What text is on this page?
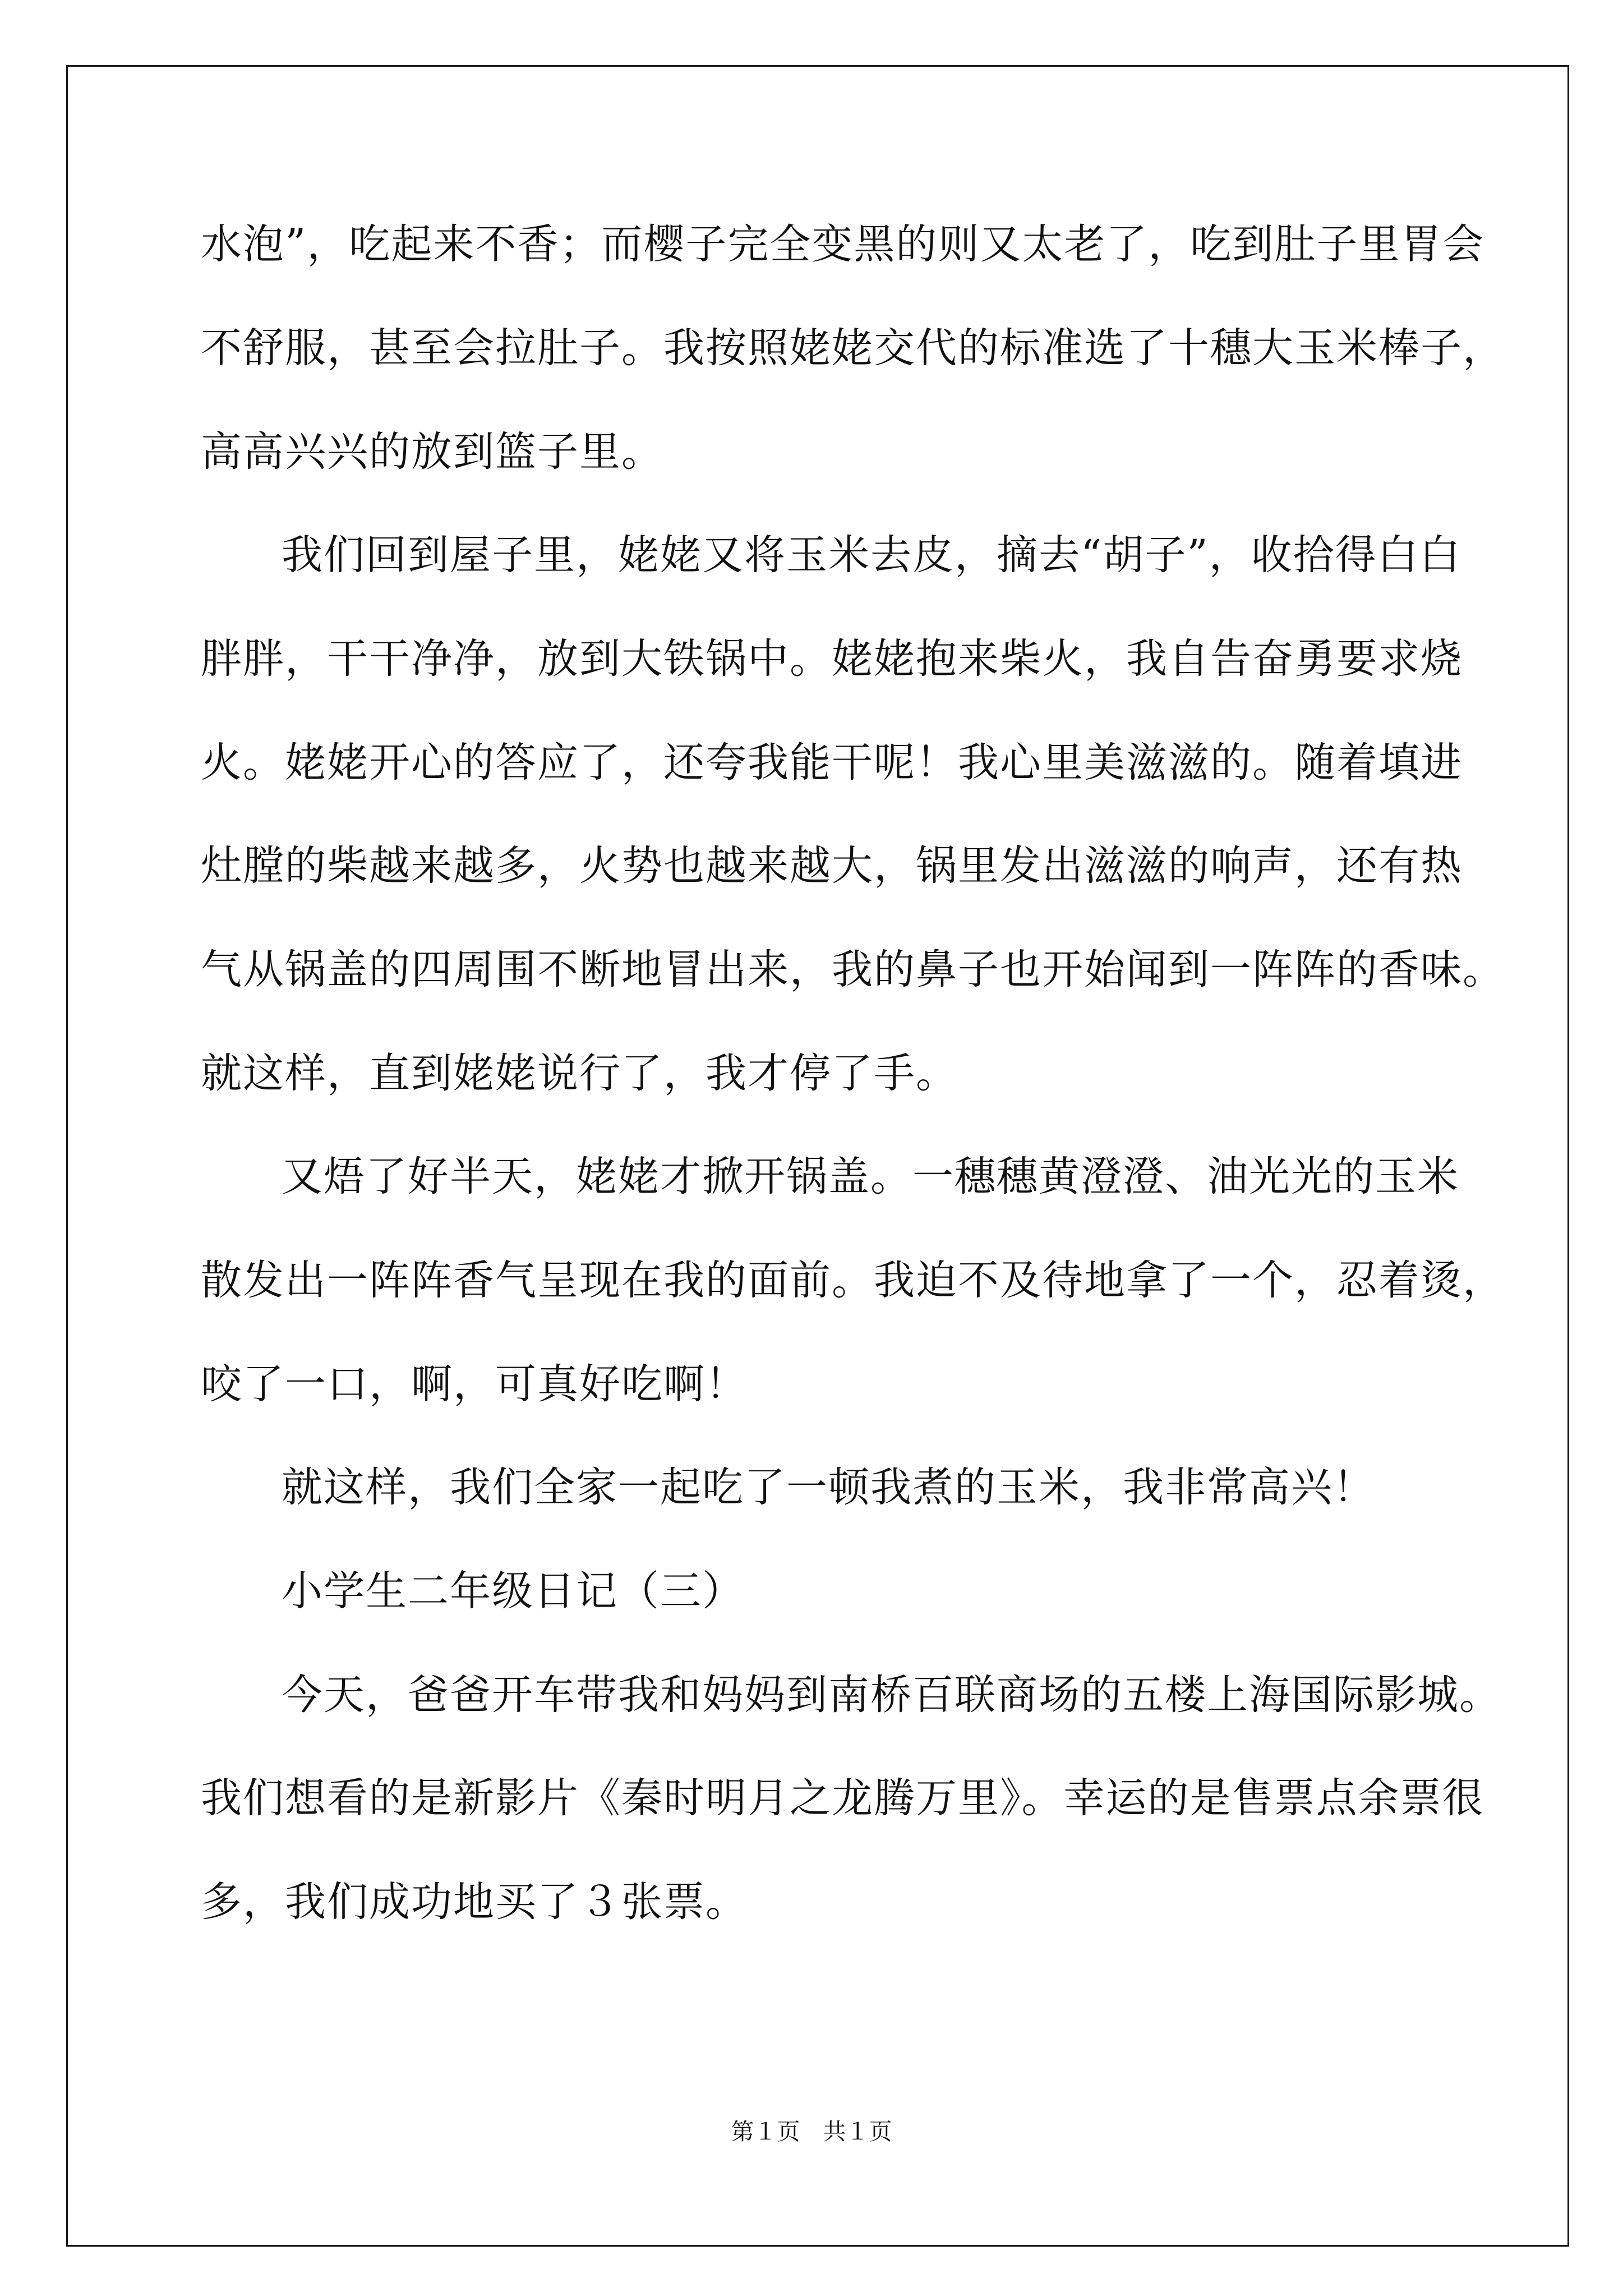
水泡”，吃起来不香；而樱子完全变黑的则又太老了，吃到肚子里胃会
不舒服，甚至会拉肚子。我按照姥姥交代的标准选了十穗大玉米棒子，
高高兴兴的放到篮子里。
我们回到屋子里，姥姥又将玉米去皮，摘去“胡子”，收拾得白白
胖胖，干干净净，放到大铁锅中。姥姥抱来柴火，我自告奋勇要求烧
火。姥姥开心的答应了，还夸我能干呢！我心里美滋滋的。随着填进
灶膛的柴越来越多，火势也越来越大，锅里发出滋滋的响声，还有热
气从锅盖的四周围不断地冒出来，我的鼻子也开始闻到一阵阵的香味。
就这样，直到姥姥说行了，我才停了手。
又焐了好半天，姥姥才掀开锅盖。一穗穗黄澄澄、油光光的玉米
散发出一阵阵香气呈现在我的面前。我迫不及待地拿了一个，忍着烫，
咬了一口，啊，可真好吃啊！
就这样，我们全家一起吃了一顿我煮的玉米，我非常高兴！
小学生二年级日记（三）
今天，爸爸开车带我和妈妈到南桥百联商场的五楼上海国际影城。
我们想看的是新影片《秦时明月之龙腾万里》。幸运的是售票点余票很
多，我们成功地买了３张票。
第１页 共１页
